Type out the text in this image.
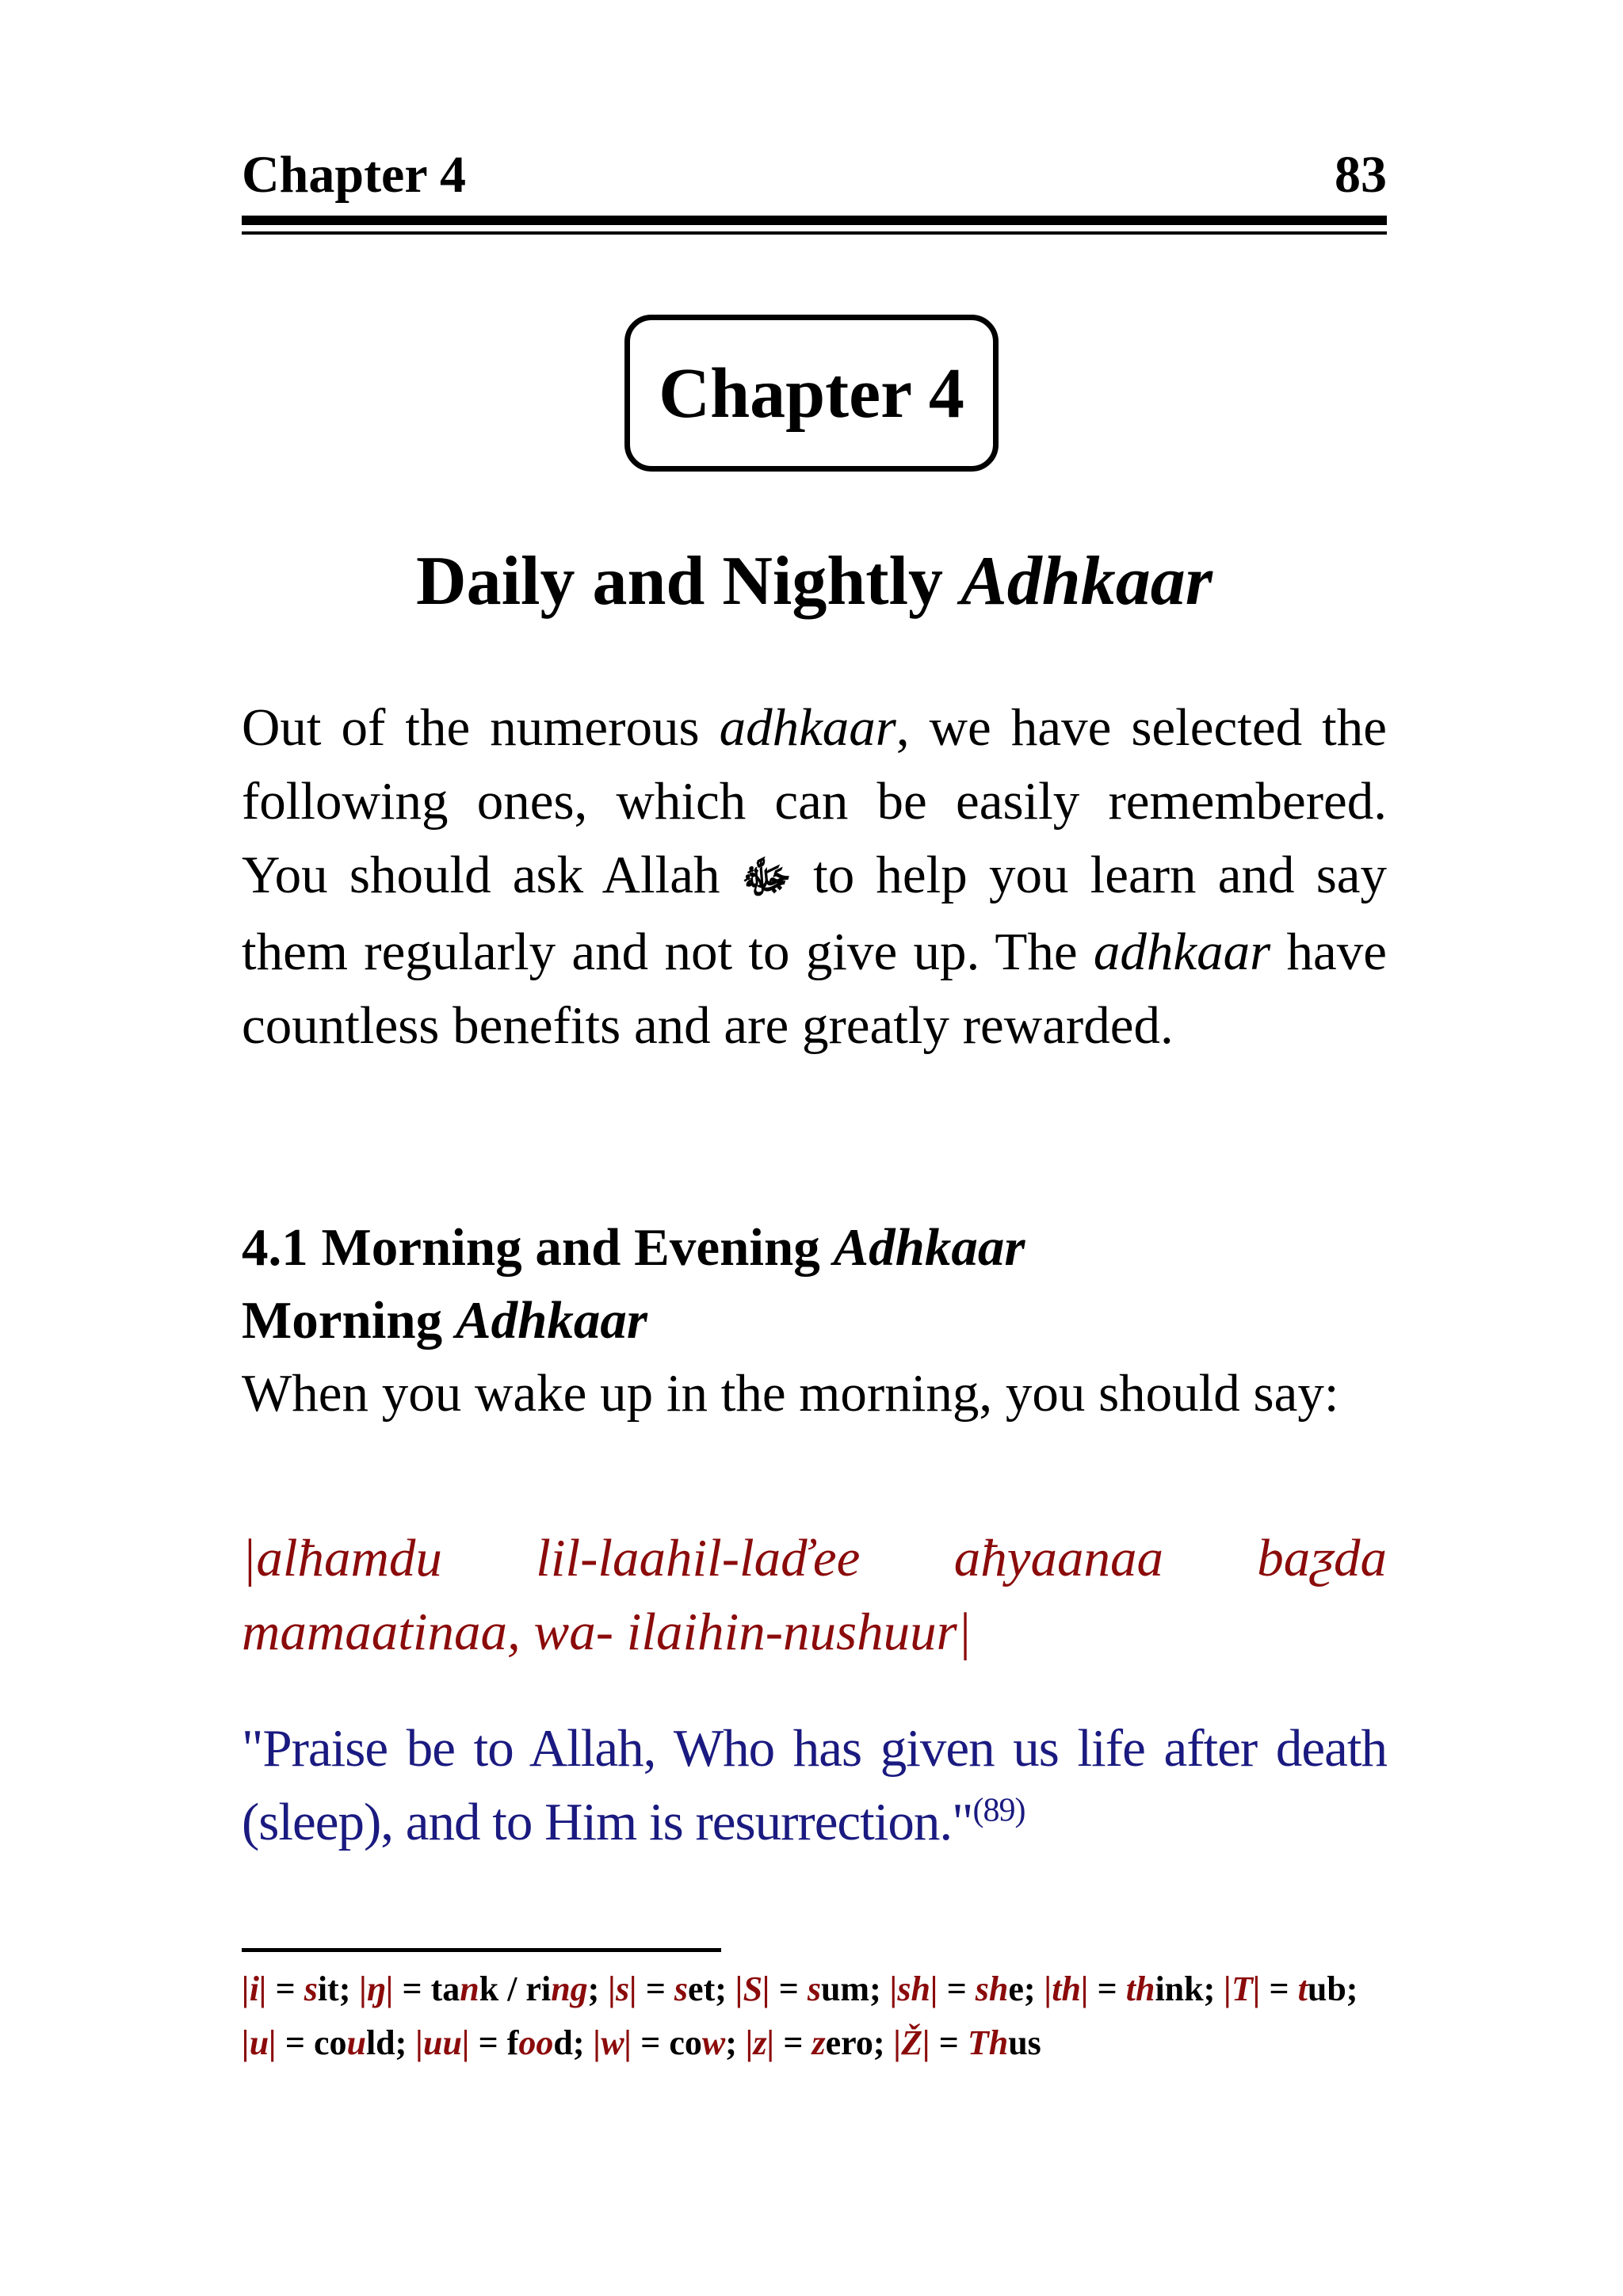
Chapter 4	83
Chapter 4
Daily and Nightly Adhkaar

Out of the numerous adhkaar, we have selected the following ones, which can be easily remembered. You should ask Allah ﷻ to help you learn and say them regularly and not to give up. The adhkaar have countless benefits and are greatly rewarded.

4.1 Morning and Evening Adhkaar
Morning Adhkaar
When you wake up in the morning, you should say:
|alħamdu lil-laahil-laďee aħyaanaa baƺda mamaatinaa, wa- ilaihin-nushuur|
"Praise be to Allah, Who has given us life after death (sleep), and to Him is resurrection."$^{(89)}$
|i| = sit; |ŋ| = tank / ring; |s| = set; |S| = sum; |sh| = she; |th| = think; |T| = tub; |u| = could; |uu| = food; |w| = cow; |z| = zero; |Ž| = Thus
